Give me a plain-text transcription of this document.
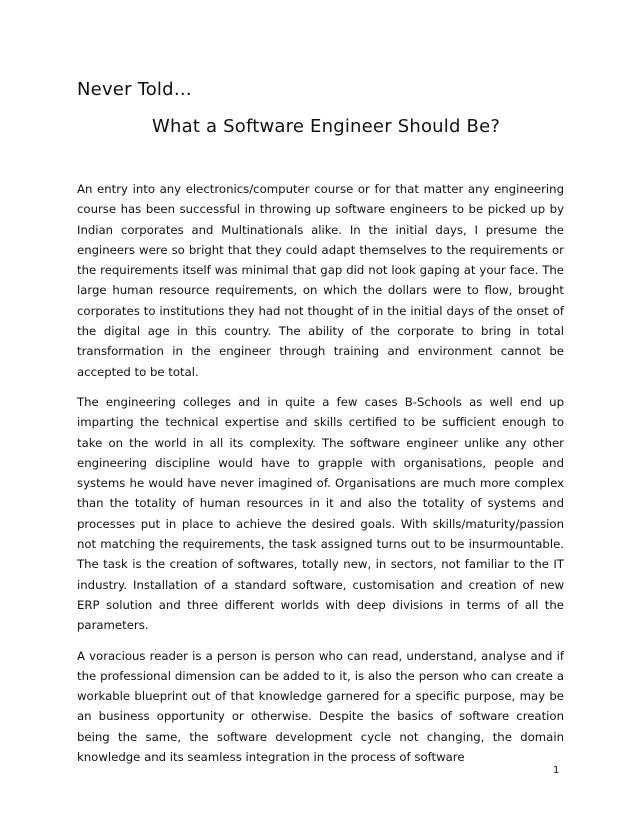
Never Told…
What a Software Engineer Should Be?

An entry into any electronics/computer course or for that matter any engineering course has been successful in throwing up software engineers to be picked up by Indian corporates and Multinationals alike. In the initial days, I presume the engineers were so bright that they could adapt themselves to the requirements or the requirements itself was minimal that gap did not look gaping at your face. The large human resource requirements, on which the dollars were to flow, brought corporates to institutions they had not thought of in the initial days of the onset of the digital age in this country. The ability of the corporate to bring in total transformation in the engineer through training and environment cannot be accepted to be total.

The engineering colleges and in quite a few cases B-Schools as well end up imparting the technical expertise and skills certified to be sufficient enough to take on the world in all its complexity. The software engineer unlike any other engineering discipline would have to grapple with organisations, people and systems he would have never imagined of. Organisations are much more complex than the totality of human resources in it and also the totality of systems and processes put in place to achieve the desired goals. With skills/maturity/passion not matching the requirements, the task assigned turns out to be insurmountable. The task is the creation of softwares, totally new, in sectors, not familiar to the IT industry. Installation of a standard software, customisation and creation of new ERP solution and three different worlds with deep divisions in terms of all the parameters.

A voracious reader is a person is person who can read, understand, analyse and if the professional dimension can be added to it, is also the person who can create a workable blueprint out of that knowledge garnered for a specific purpose, may be an business opportunity or otherwise. Despite the basics of software creation being the same, the software development cycle not changing, the domain knowledge and its seamless integration in the process of software

1
